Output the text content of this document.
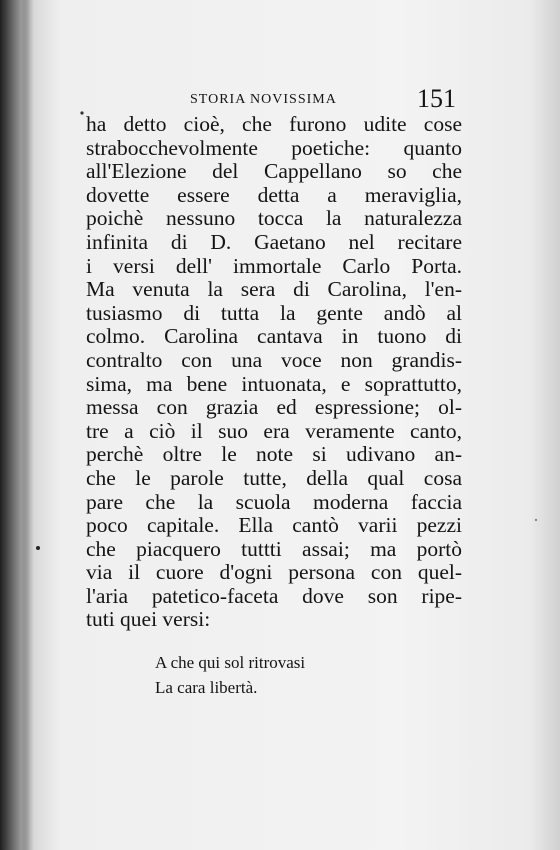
STORIA NOVISSIMA	151
ha detto cioè, che furono udite cose
strabocchevolmente poetiche: quanto
all'Elezione del Cappellano so che
dovette essere detta a meraviglia,
poichè nessuno tocca la naturalezza
infinita di D. Gaetano nel recitare
i versi dell' immortale Carlo Porta.
Ma venuta la sera di Carolina, l'en-
tusiasmo di tutta la gente andò al
colmo. Carolina cantava in tuono di
contralto con una voce non grandis-
sima, ma bene intuonata, e soprattutto,
messa con grazia ed espressione; ol-
tre a ciò il suo era veramente canto,
perchè oltre le note si udivano an-
che le parole tutte, della qual cosa
pare che la scuola moderna faccia
poco capitale. Ella cantò varii pezzi
che piacquero tuttti assai; ma portò
via il cuore d'ogni persona con quel-
l'aria patetico-faceta dove son ripe-
tuti quei versi:
A che qui sol ritrovasi
La cara libertà.
